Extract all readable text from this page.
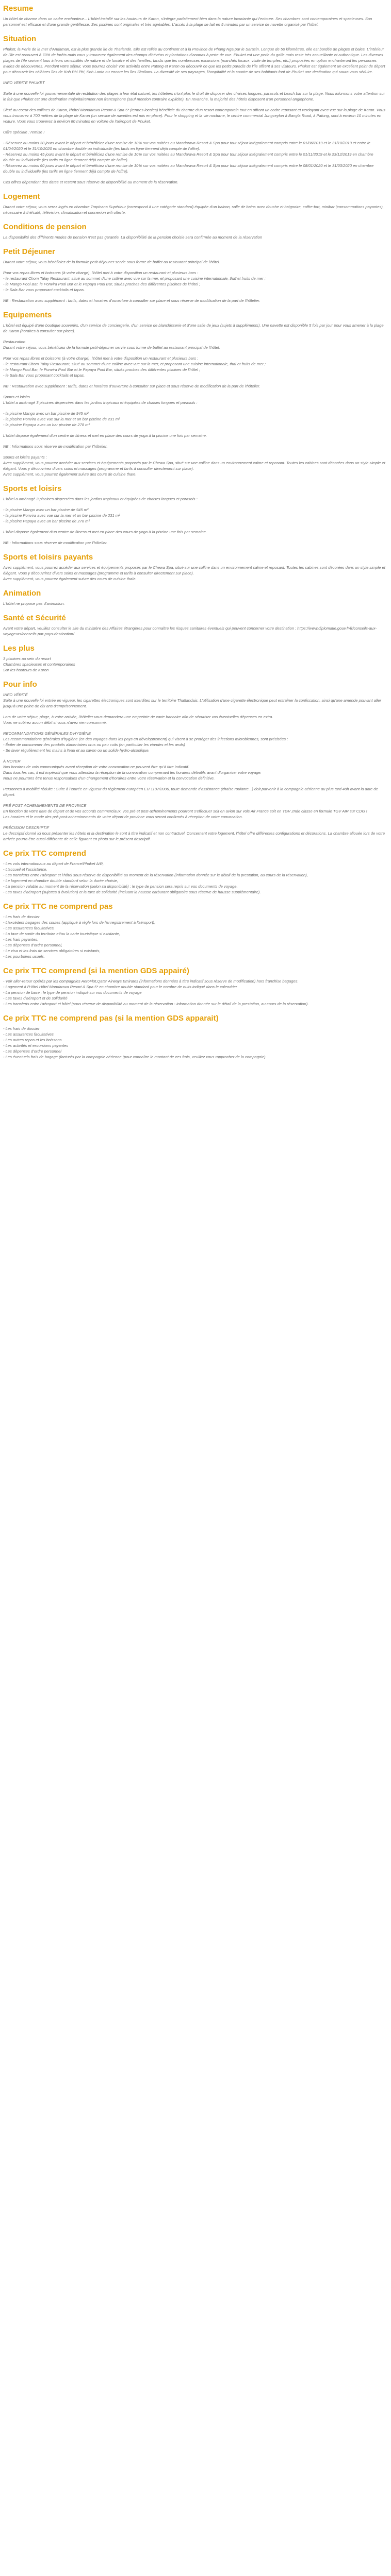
Resume

Un hôtel de charme dans un cadre enchanteur... L'hôtel installé sur les hauteurs de Karon, s'intègre parfaitement bien dans la nature luxuriante qui l'entoure. Ses chambres sont contemporaines et spacieuses. Son personnel est efficace et d'une grande gentillesse. Ses piscines sont originales et très agréables. L'accès à la plage se fait en 5 minutes par un service de navette organisé par l'hôtel.

Situation

Phuket, la Perle de la mer d'Andaman, est la plus grande île de Thaïlande. Elle est reliée au continent et à la Province de Phang Nga par le Sarasin. Longue de 50 kilomètres, elle est bordée de plages et baies. L'intérieur de l'île est recouvert à 70% de forêts mais vous y trouverez également des champs d'hévéas et plantations d'ananas à perte de vue. Phuket est une perle du golfe mais reste très accueillante et authentique. Les diverses plages de l'île ravivent tous à leurs sensibilités de nature et de lumière et des familles, tandis que les nombreuses excursions (marchés locaux, visite de temples, etc.) proposées en option enchanteront les personnes avides de découvertes. Pendant votre séjour, vous pourrez choisir vos activités entre Patong et Karon ou découvrir ce que les petits paradis de l'île offrent à ses visiteurs. Phuket est également un excellent point de départ pour découvrir les célèbres îles de Koh Phi Phi, Koh Lanta ou encore les îles Similans. La diversité de ses paysages, l'hospitalité et la sourire de ses habitants font de Phuket une destination qui saura vous séduire.

INFO VERITE PHUKET

Suite à une nouvelle loi gouvernementale de restitution des plages à leur état naturel, les hôteliers n'ont plus le droit de disposer des chaises longues, parasols et beach bar sur la plage. Nous informons votre attention sur le fait que Phuket est une destination majoritairement non francophone (sauf mention contraire explicite). En revanche, la majorité des hôtels disposent d'un personnel anglophone.

Situé au coeur des collines de Karon, l'hôtel Mandarava Resort & Spa 5* (termes locales) bénéficie du charme d'un resort contemporain tout en offrant un cadre reposant et verdoyant avec vue sur la plage de Karon. Vous vous trouverez à 700 mètres de la plage de Karon (un service de navettes est mis en place). Pour le shopping et la vie nocturne, le centre commercial Jungceylon à Bangla Road, à Patong, sont à environ 10 minutes en voiture. Vous vous trouverez à environ 60 minutes en voiture de l'aéroport de Phuket.

Offre spéciale : remise !

- Réservez au moins 30 jours avant le départ et bénéficiez d'une remise de 10% sur vos nuitées au Mandarava Resort & Spa pour tout séjour intégralement compris entre le 01/06/2019 et le 31/10/2019 et entre le 01/04/2020 et le 31/10/2020 en chambre double ou individuelle (les tarifs en ligne tiennent déjà compte de l'offre).
- Réservez au moins 45 jours avant le départ et bénéficiez d'une remise de 10% sur vos nuitées au Mandarava Resort & Spa pour tout séjour intégralement compris entre le 01/11/2019 et le 23/12/2019 en chambre double ou individuelle (les tarifs en ligne tiennent déjà compte de l'offre).
- Réservez au moins 60 jours avant le départ et bénéficiez d'une remise de 10% sur vos nuitées au Mandarava Resort & Spa pour tout séjour intégralement compris entre le 08/01/2020 et le 31/03/2020 en chambre double ou individuelle (les tarifs en ligne tiennent déjà compte de l'offre).

Ces offres dépendent des dates et restent sous réserve de disponibilité au moment de la réservation.

Logement

Durant votre séjour, vous serez logés en chambre Tropicana Supérieur (correspond à une catégorie standard) équipée d'un balcon, salle de bains avec douche et baignoire, coffre-fort, minibar (consommations payantes), nécessaire à thé/café, télévision, climatisation et connexion wifi offerte.

Conditions de pension

La disponibilité des différents modes de pension n'est pas garantie. La disponibilité de la pension choisie sera confirmée au moment de la réservation

Petit Déjeuner

Durant votre séjour, vous bénéficiez de la formule petit-déjeuner servie sous forme de buffet au restaurant principal de l'hôtel.

Pour vos repas libres et boissons (à votre charge), l'hôtel met à votre disposition un restaurant et plusieurs bars :
- le restaurant Chom Talay Restaurant, situé au sommet d'une colline avec vue sur la mer, et proposant une cuisine internationale, thaï et fruits de mer ;
- le Mango Pool Bar, le Ponvira Pool Bar et le Papaya Pool Bar, situés proches des différentes piscines de l'hôtel ;
- le Sala Bar vous proposant cocktails et tapas.

NB : Restauration avec supplément : tarifs, dates et horaires d'ouverture à consulter sur place et sous réserve de modification de la part de l'hôtelier.

Equipements

L'hôtel est équipé d'une boutique souvenirs, d'un service de conciergerie, d'un service de blanchisserie et d'une salle de jeux (sujets à suppléments). Une navette est disponible 5 fois par jour pour vous amener à la plage de Karon (horaires à consulter sur place).

Restauration
Durant votre séjour, vous bénéficiez de la formule petit-déjeuner servie sous forme de buffet au restaurant principal de l'hôtel.

Pour vos repas libres et boissons (à votre charge), l'hôtel met à votre disposition un restaurant et plusieurs bars :
- le restaurant Chom Talay Restaurant, situé au sommet d'une colline avec vue sur la mer, et proposant une cuisine internationale, thaï et fruits de mer ;
- le Mango Pool Bar, le Ponvira Pool Bar et le Papaya Pool Bar, situés proches des différentes piscines de l'hôtel ;
- le Sala Bar vous proposant cocktails et tapas.

NB : Restauration avec supplément : tarifs, dates et horaires d'ouverture à consulter sur place et sous réserve de modification de la part de l'hôtelier.

Sports et loisirs
L'hôtel a aménagé 3 piscines dispersées dans les jardins tropicaux et équipées de chaises longues et parasols :

- la piscine Mango avec un bar piscine de 945 m²
- la piscine Ponvira avec vue sur la mer et un bar piscine de 231 m²
- la piscine Papaya avec un bar piscine de 278 m²

L'hôtel dispose également d'un centre de fitness et met en place des cours de yoga à la piscine une fois par semaine.

NB : Informations sous réserve de modification par l'hôtelier.

Sports et loisirs payants :
Avec supplément, vous pourrez accéder aux services et équipements proposés par le Chewa Spa, situé sur une colline dans un environnement calme et reposant. Toutes les cabines sont décorées dans un style simple et élégant. Vous y découvrirez divers soins et massages (programme et tarifs à consulter directement sur place).
Avec supplément, vous pourrez également suivre des cours de cuisine thaïe.

Sports et loisirs

L'hôtel a aménagé 3 piscines dispersées dans les jardins tropicaux et équipées de chaises longues et parasols :

- la piscine Mango avec un bar piscine de 945 m²
- la piscine Ponvira avec vue sur la mer et un bar piscine de 231 m²
- la piscine Papaya avec un bar piscine de 278 m²

L'hôtel dispose également d'un centre de fitness et met en place des cours de yoga à la piscine une fois par semaine.

NB : Informations sous réserve de modification par l'hôtelier.

Sports et loisirs payants

Avec supplément, vous pourrez accéder aux services et équipements proposés par le Chewa Spa, situé sur une colline dans un environnement calme et reposant. Toutes les cabines sont décorées dans un style simple et élégant. Vous y découvrirez divers soins et massages (programme et tarifs à consulter directement sur place).
Avec supplément, vous pourrez également suivre des cours de cuisine thaïe.

Animation

L'hôtel ne propose pas d'animation.

Santé et Sécurité

Avant votre départ, veuillez consulter le site du ministère des Affaires étrangères pour connaître les risques sanitaires éventuels qui peuvent concerner votre destination : https://www.diplomatie.gouv.fr/fr/conseils-aux-voyageurs/conseils-par-pays-destination/

Les plus

3 piscines au sein du resort
Chambres spacieuses et contemporaines
Sur les hauteurs de Karon

Pour info

INFO VÉRITÉ
Suite à une nouvelle loi entrée en vigueur, les cigarettes électroniques sont interdites sur le territoire Thaïlandais. L'utilisation d'une cigarette électronique peut entraîner la confiscation, ainsi qu'une amende pouvant aller jusqu'à une peine de dix ans d'emprisonnement.

Lors de votre séjour, plage, à votre arrivée, l'hôtelier vous demandera une empreinte de carte bancaire afin de sécuriser vos éventuelles dépenses en extra.
Vous ne subirez aucun débit si vous n'avez rien consommé.

RECOMMANDATIONS GÉNÉRALES D'HYGIÈNE
Les recommandations générales d'hygiène (en des voyages dans les pays en développement) qui visent à se protéger des infections microbiennes, sont précisées :
- Éviter de consommer des produits alimentaires crus ou peu cuits (en particulier les viandes et les œufs)
- Se laver régulièrement les mains à l'eau et au savon ou un solide hydro-alcoolique.

À NOTER
Nos horaires de vols communiqués avant réception de votre convocation ne peuvent être qu'à titre indicatif.
Dans tous les cas, il est impératif que vous attendiez la réception de la convocation comprenant les horaires définitifs avant d'organiser votre voyage.
Nous ne pourrons être tenus responsables d'un changement d'horaires entre votre réservation et la convocation définitive.

Personnes à mobilité réduite : Suite à l'entrée en vigueur du règlement européen EU 1107/2006, toute demande d'assistance (chaise roulante...) doit parvenir à la compagnie aérienne au plus tard 48h avant la date de départ.

PRÉ POST ACHEMINEMENTS DE PROVINCE
En fonction de votre date de départ et de vos accords commerciaux, vos pré et post-acheminements pourront s'effectuer soit en avion sur vols Air France soit en TGV 2nde classe en formule TGV AIR sur CDG !
Les horaires et le mode des pré-post-acheminements de votre départ de province vous seront confirmés à réception de votre convocation.

PRÉCISION DESCRIPTIF
Le descriptif donné ici nous présenter les hôtels et la destination le sont à titre indicatif et non contractuel. Concernant votre logement, l'hôtel offre différentes configurations et décorations. La chambre allouée lors de votre arrivée pourra être aussi différente de celle figurant en photo sur le présent descriptif.

Ce prix TTC comprend

- Les vols internationaux au départ de France/Phuket A/R,
- L'accueil et l'assistance,
- Les transferts entre l'aéroport et l'hôtel sous réserve de disponibilité au moment de la réservation (information donnée sur le détail de la prestation, au cours de la réservation),
- Le logement en chambre double standard selon la durée choisie,
- La pension valable au moment de la réservation (selon sa disponibilité) : le type de pension sera repris sur vos documents de voyage,
- Les taxes d'aéroport (sujettes à évolution) et la taxe de solidarité (incluant la hausse carburant obligatoire sous réserve de hausse supplémentaire).

Ce prix TTC ne comprend pas

- Les frais de dossier
- L'excédent bagages des soutes (appliqué à règle lors de l'enregistrement à l'aéroport),
- Les assurances facultatives,
- La taxe de sortie du territoire et/ou la carte touristique si existante,
- Les frais payantes,
- Les dépenses d'ordre personnel,
- Le visa et les frais de services obligatoires si existants,
- Les pourboires usuels.

Ce prix TTC comprend (si la mention GDS appairé)

- Voir aller-retour opérés par les compagnies AeroFlot,Qatar Airways,Emirates (informations données à titre indicatif sous réserve de modification) hors franchise bagages.
- Logement à l'Hôtel Hôtel Mandarava Resort & Spa 5* en chambre double standard pour le nombre de nuits indiqué dans le calendrier
- La pension de base : le type de pension indiqué sur vos documents de voyage
- Les taxes d'aéroport et de solidarité
- Les transferts entre l'aéroport et hôtel (sous réserve de disponibilité au moment de la réservation - information donnée sur le détail de la prestation, au cours de la réservation).

Ce prix TTC ne comprend pas (si la mention GDS apparait)

- Les frais de dossier
- Les assurances facultatives
- Les autres repas et les boissons
- Les activités et excursions payantes
- Les dépenses d'ordre personnel
- Les éventuels frais de bagage (facturés par la compagnie aérienne (pour connaître le montant de ces frais, veuillez vous rapprocher de la compagnie)
